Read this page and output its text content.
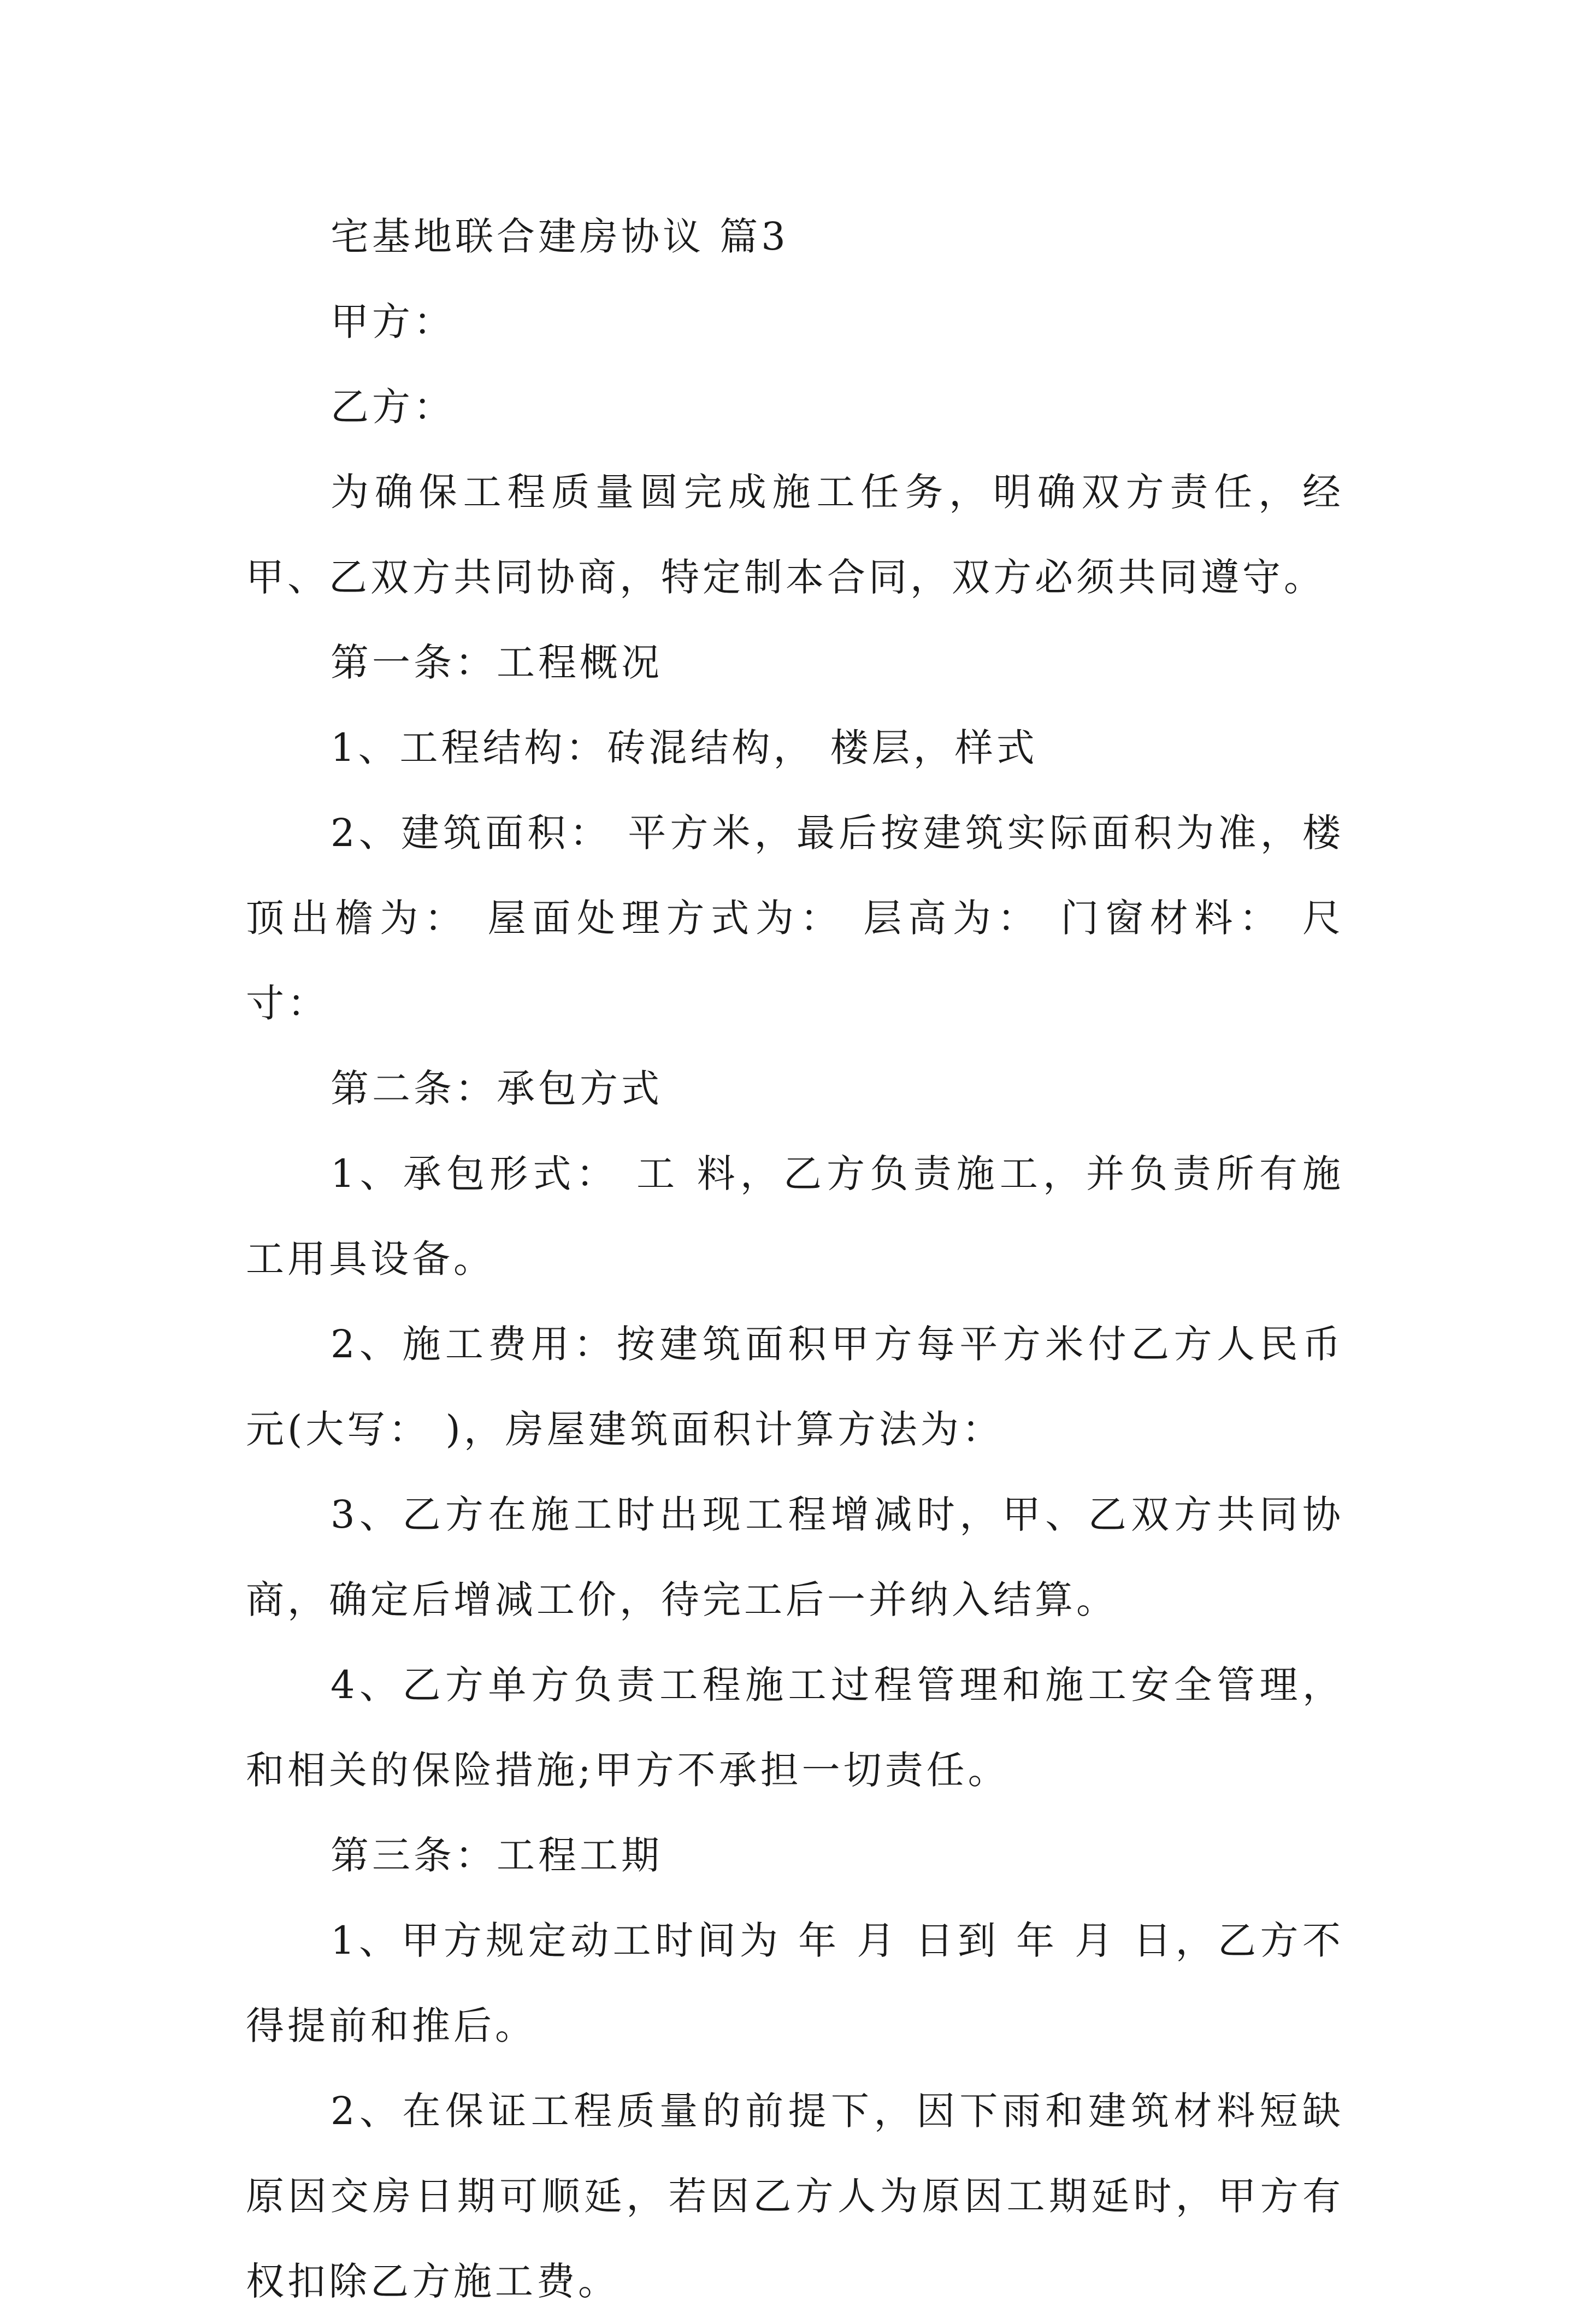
宅基地联合建房协议 篇3

甲方：

乙方：

为确保工程质量圆完成施工任务，明确双方责任，经甲、乙双方共同协商，特定制本合同，双方必须共同遵守。

第一条：工程概况

1、工程结构：砖混结构， 楼层，样式

2、建筑面积： 平方米，最后按建筑实际面积为准，楼顶出檐为： 屋面处理方式为： 层高为： 门窗材料： 尺寸：

第二条：承包方式

1、承包形式： 工 料，乙方负责施工，并负责所有施工用具设备。

2、施工费用：按建筑面积甲方每平方米付乙方人民币 元(大写： )，房屋建筑面积计算方法为：

3、乙方在施工时出现工程增减时，甲、乙双方共同协商，确定后增减工价，待完工后一并纳入结算。

4、乙方单方负责工程施工过程管理和施工安全管理，和相关的保险措施;甲方不承担一切责任。

第三条：工程工期

1、甲方规定动工时间为 年 月 日到 年 月 日，乙方不得提前和推后。

2、在保证工程质量的前提下，因下雨和建筑材料短缺原因交房日期可顺延，若因乙方人为原因工期延时，甲方有权扣除乙方施工费。
